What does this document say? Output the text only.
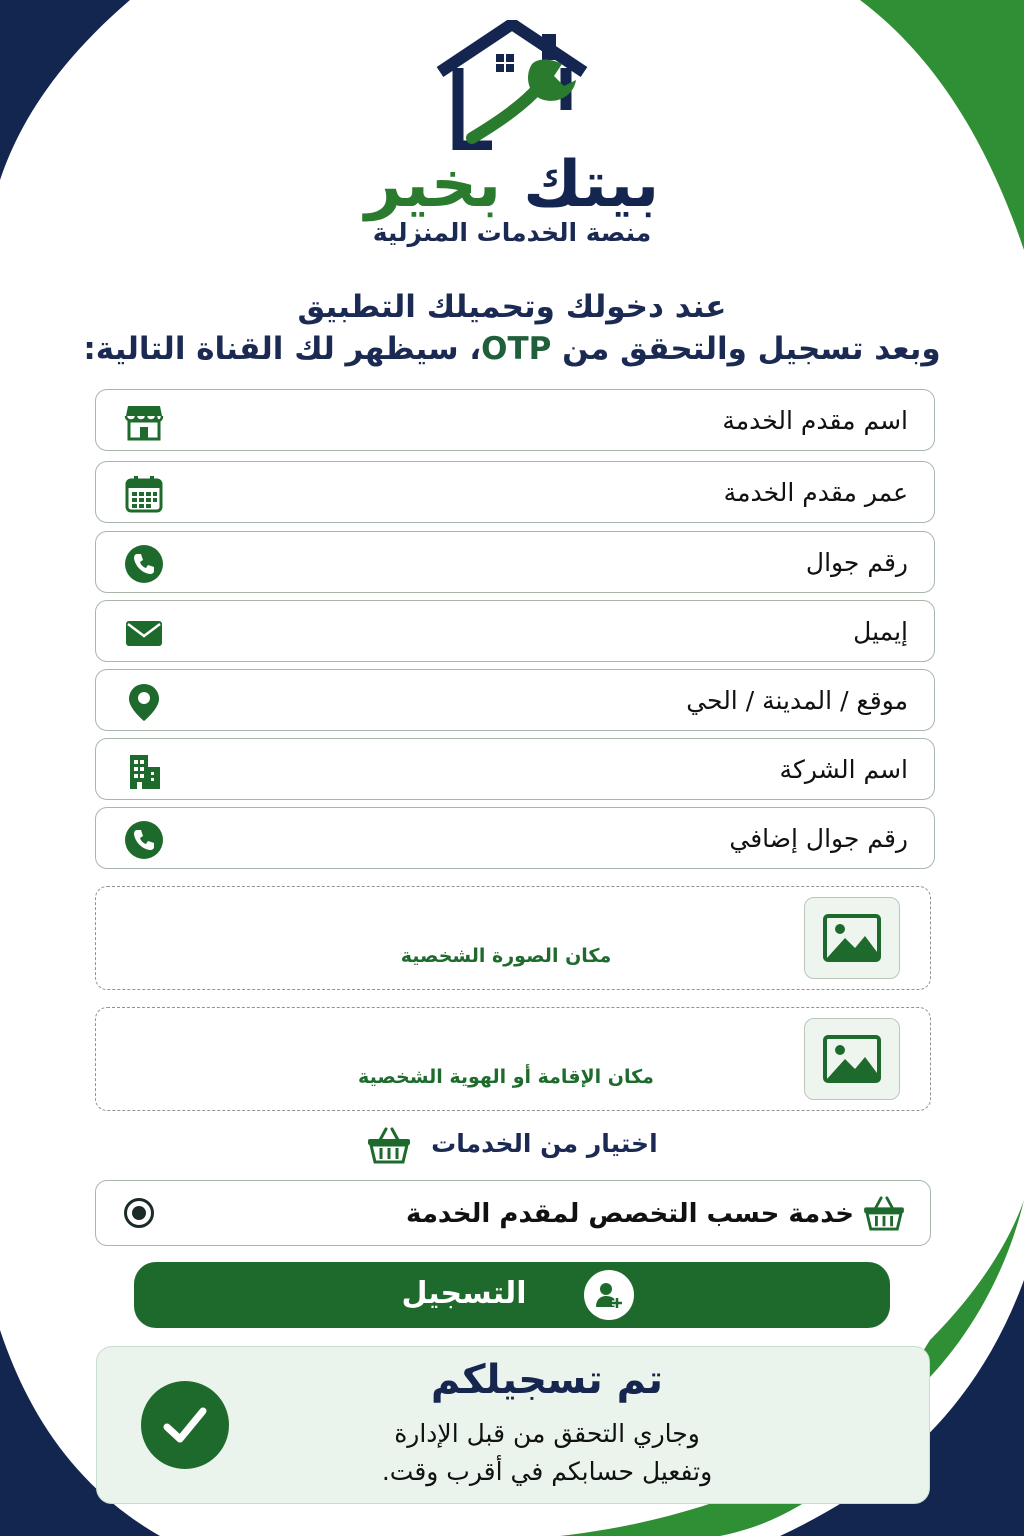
بيتك بخير
منصة الخدمات المنزلية
عند دخولك وتحميلك التطبيق
وبعد تسجيل والتحقق من OTP، سيظهر لك القناة التالية:
اسم مقدم الخدمة
عمر مقدم الخدمة
رقم جوال
إيميل
موقع / المدينة / الحي
اسم الشركة
رقم جوال إضافي
مكان الصورة الشخصية
مكان الإقامة أو الهوية الشخصية
اختيار من الخدمات
خدمة حسب التخصص لمقدم الخدمة
التسجيل
تم تسجيلكم
وجاري التحقق من قبل الإدارة
وتفعيل حسابكم في أقرب وقت.
